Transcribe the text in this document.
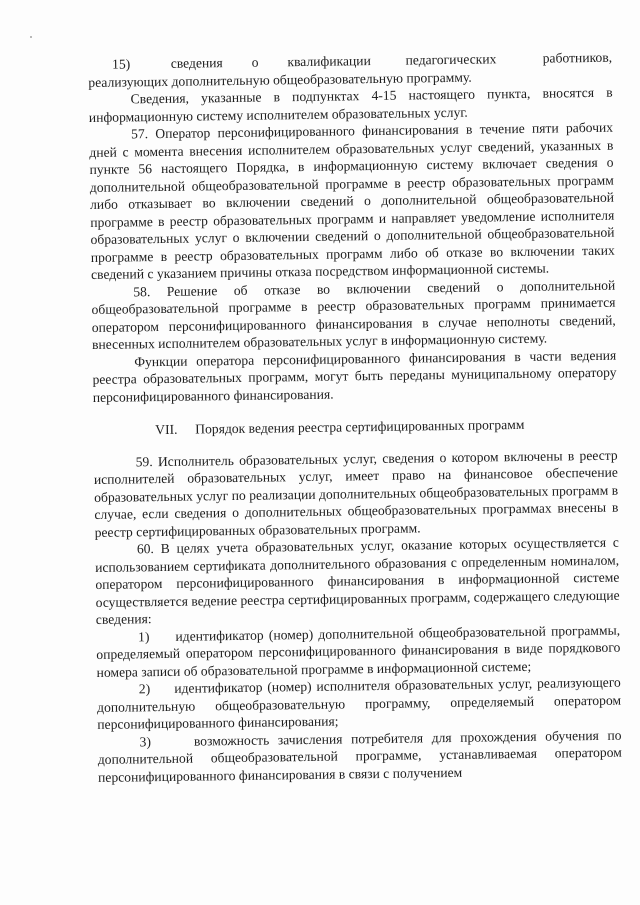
15)       сведения     о     квалификации      педагогических        работников, реализующих дополнительную общеобразовательную программу.

Сведения, указанные в подпунктах 4-15 настоящего пункта, вносятся в информационную систему исполнителем образовательных услуг.

57. Оператор персонифицированного финансирования в течение пяти рабочих дней с момента внесения исполнителем образовательных услуг сведений, указанных в пункте 56 настоящего Порядка, в информационную систему включает сведения о дополнительной общеобразовательной программе в реестр образовательных программ либо отказывает во включении сведений о дополнительной общеобразовательной программе в реестр образовательных программ и направляет уведомление исполнителя образовательных услуг о включении сведений о дополнительной общеобразовательной программе в реестр образовательных программ либо об отказе во включении таких сведений с указанием причины отказа посредством информационной системы.

58. Решение об отказе во включении сведений о дополнительной общеобразовательной программе в реестр образовательных программ принимается оператором персонифицированного финансирования в случае неполноты сведений, внесенных исполнителем образовательных услуг в информационную систему.

Функции оператора персонифицированного финансирования в части ведения реестра образовательных программ, могут быть переданы муниципальному оператору персонифицированного финансирования.

VII. Порядок ведения реестра сертифицированных программ

59. Исполнитель образовательных услуг, сведения о котором включены в реестр исполнителей образовательных услуг, имеет право на финансовое обеспечение образовательных услуг по реализации дополнительных общеобразовательных программ в случае, если сведения о дополнительных общеобразовательных программах внесены в реестр сертифицированных образовательных программ.

60. В целях учета образовательных услуг, оказание которых осуществляется с использованием сертификата дополнительного образования с определенным номиналом, оператором персонифицированного финансирования в информационной системе осуществляется ведение реестра сертифицированных программ, содержащего следующие сведения:

1)     идентификатор (номер) дополнительной общеобразовательной программы, определяемый оператором персонифицированного финансирования в виде порядкового номера записи об образовательной программе в информационной системе;

2)     идентификатор (номер) исполнителя образовательных услуг, реализующего дополнительную общеобразовательную программу, определяемый оператором персонифицированного финансирования;

3)     возможность зачисления потребителя для прохождения обучения по дополнительной общеобразовательной программе, устанавливаемая оператором персонифицированного финансирования в связи с получением
